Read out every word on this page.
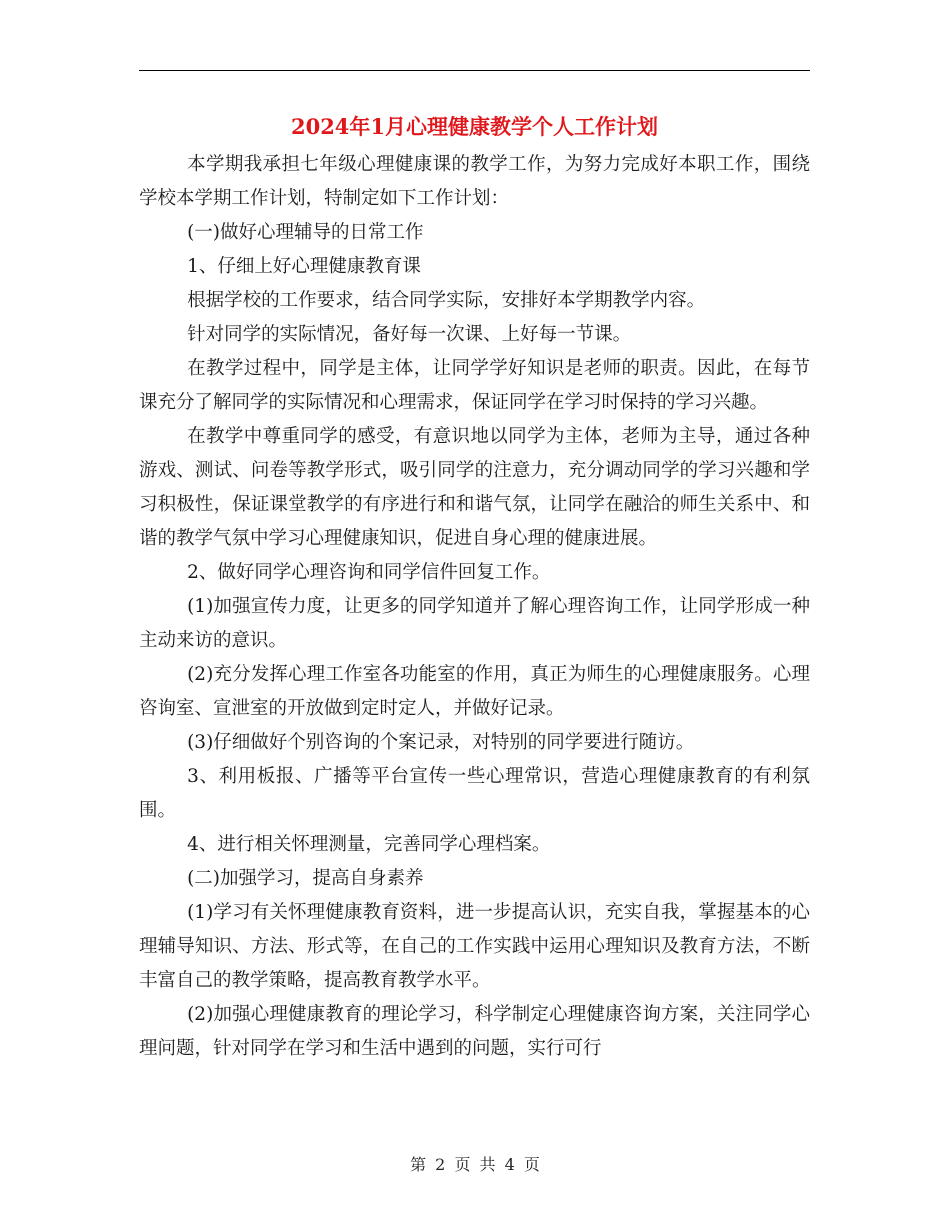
2024年1月心理健康教学个人工作计划

本学期我承担七年级心理健康课的教学工作，为努力完成好本职工作，围绕学校本学期工作计划，特制定如下工作计划：

(一)做好心理辅导的日常工作

1、仔细上好心理健康教育课

根据学校的工作要求，结合同学实际，安排好本学期教学内容。

针对同学的实际情况，备好每一次课、上好每一节课。

在教学过程中，同学是主体，让同学学好知识是老师的职责。因此，在每节课充分了解同学的实际情况和心理需求，保证同学在学习时保持的学习兴趣。

在教学中尊重同学的感受，有意识地以同学为主体，老师为主导，通过各种游戏、测试、问卷等教学形式，吸引同学的注意力，充分调动同学的学习兴趣和学习积极性，保证课堂教学的有序进行和和谐气氛，让同学在融洽的师生关系中、和谐的教学气氛中学习心理健康知识，促进自身心理的健康进展。

2、做好同学心理咨询和同学信件回复工作。

(1)加强宣传力度，让更多的同学知道并了解心理咨询工作，让同学形成一种主动来访的意识。

(2)充分发挥心理工作室各功能室的作用，真正为师生的心理健康服务。心理咨询室、宣泄室的开放做到定时定人，并做好记录。

(3)仔细做好个别咨询的个案记录，对特别的同学要进行随访。

3、利用板报、广播等平台宣传一些心理常识，营造心理健康教育的有利氛围。

4、进行相关怀理测量，完善同学心理档案。

(二)加强学习，提高自身素养

(1)学习有关怀理健康教育资料，进一步提高认识，充实自我，掌握基本的心理辅导知识、方法、形式等，在自己的工作实践中运用心理知识及教育方法，不断丰富自己的教学策略，提高教育教学水平。

(2)加强心理健康教育的理论学习，科学制定心理健康咨询方案，关注同学心理问题，针对同学在学习和生活中遇到的问题，实行可行

第 2 页 共 4 页
